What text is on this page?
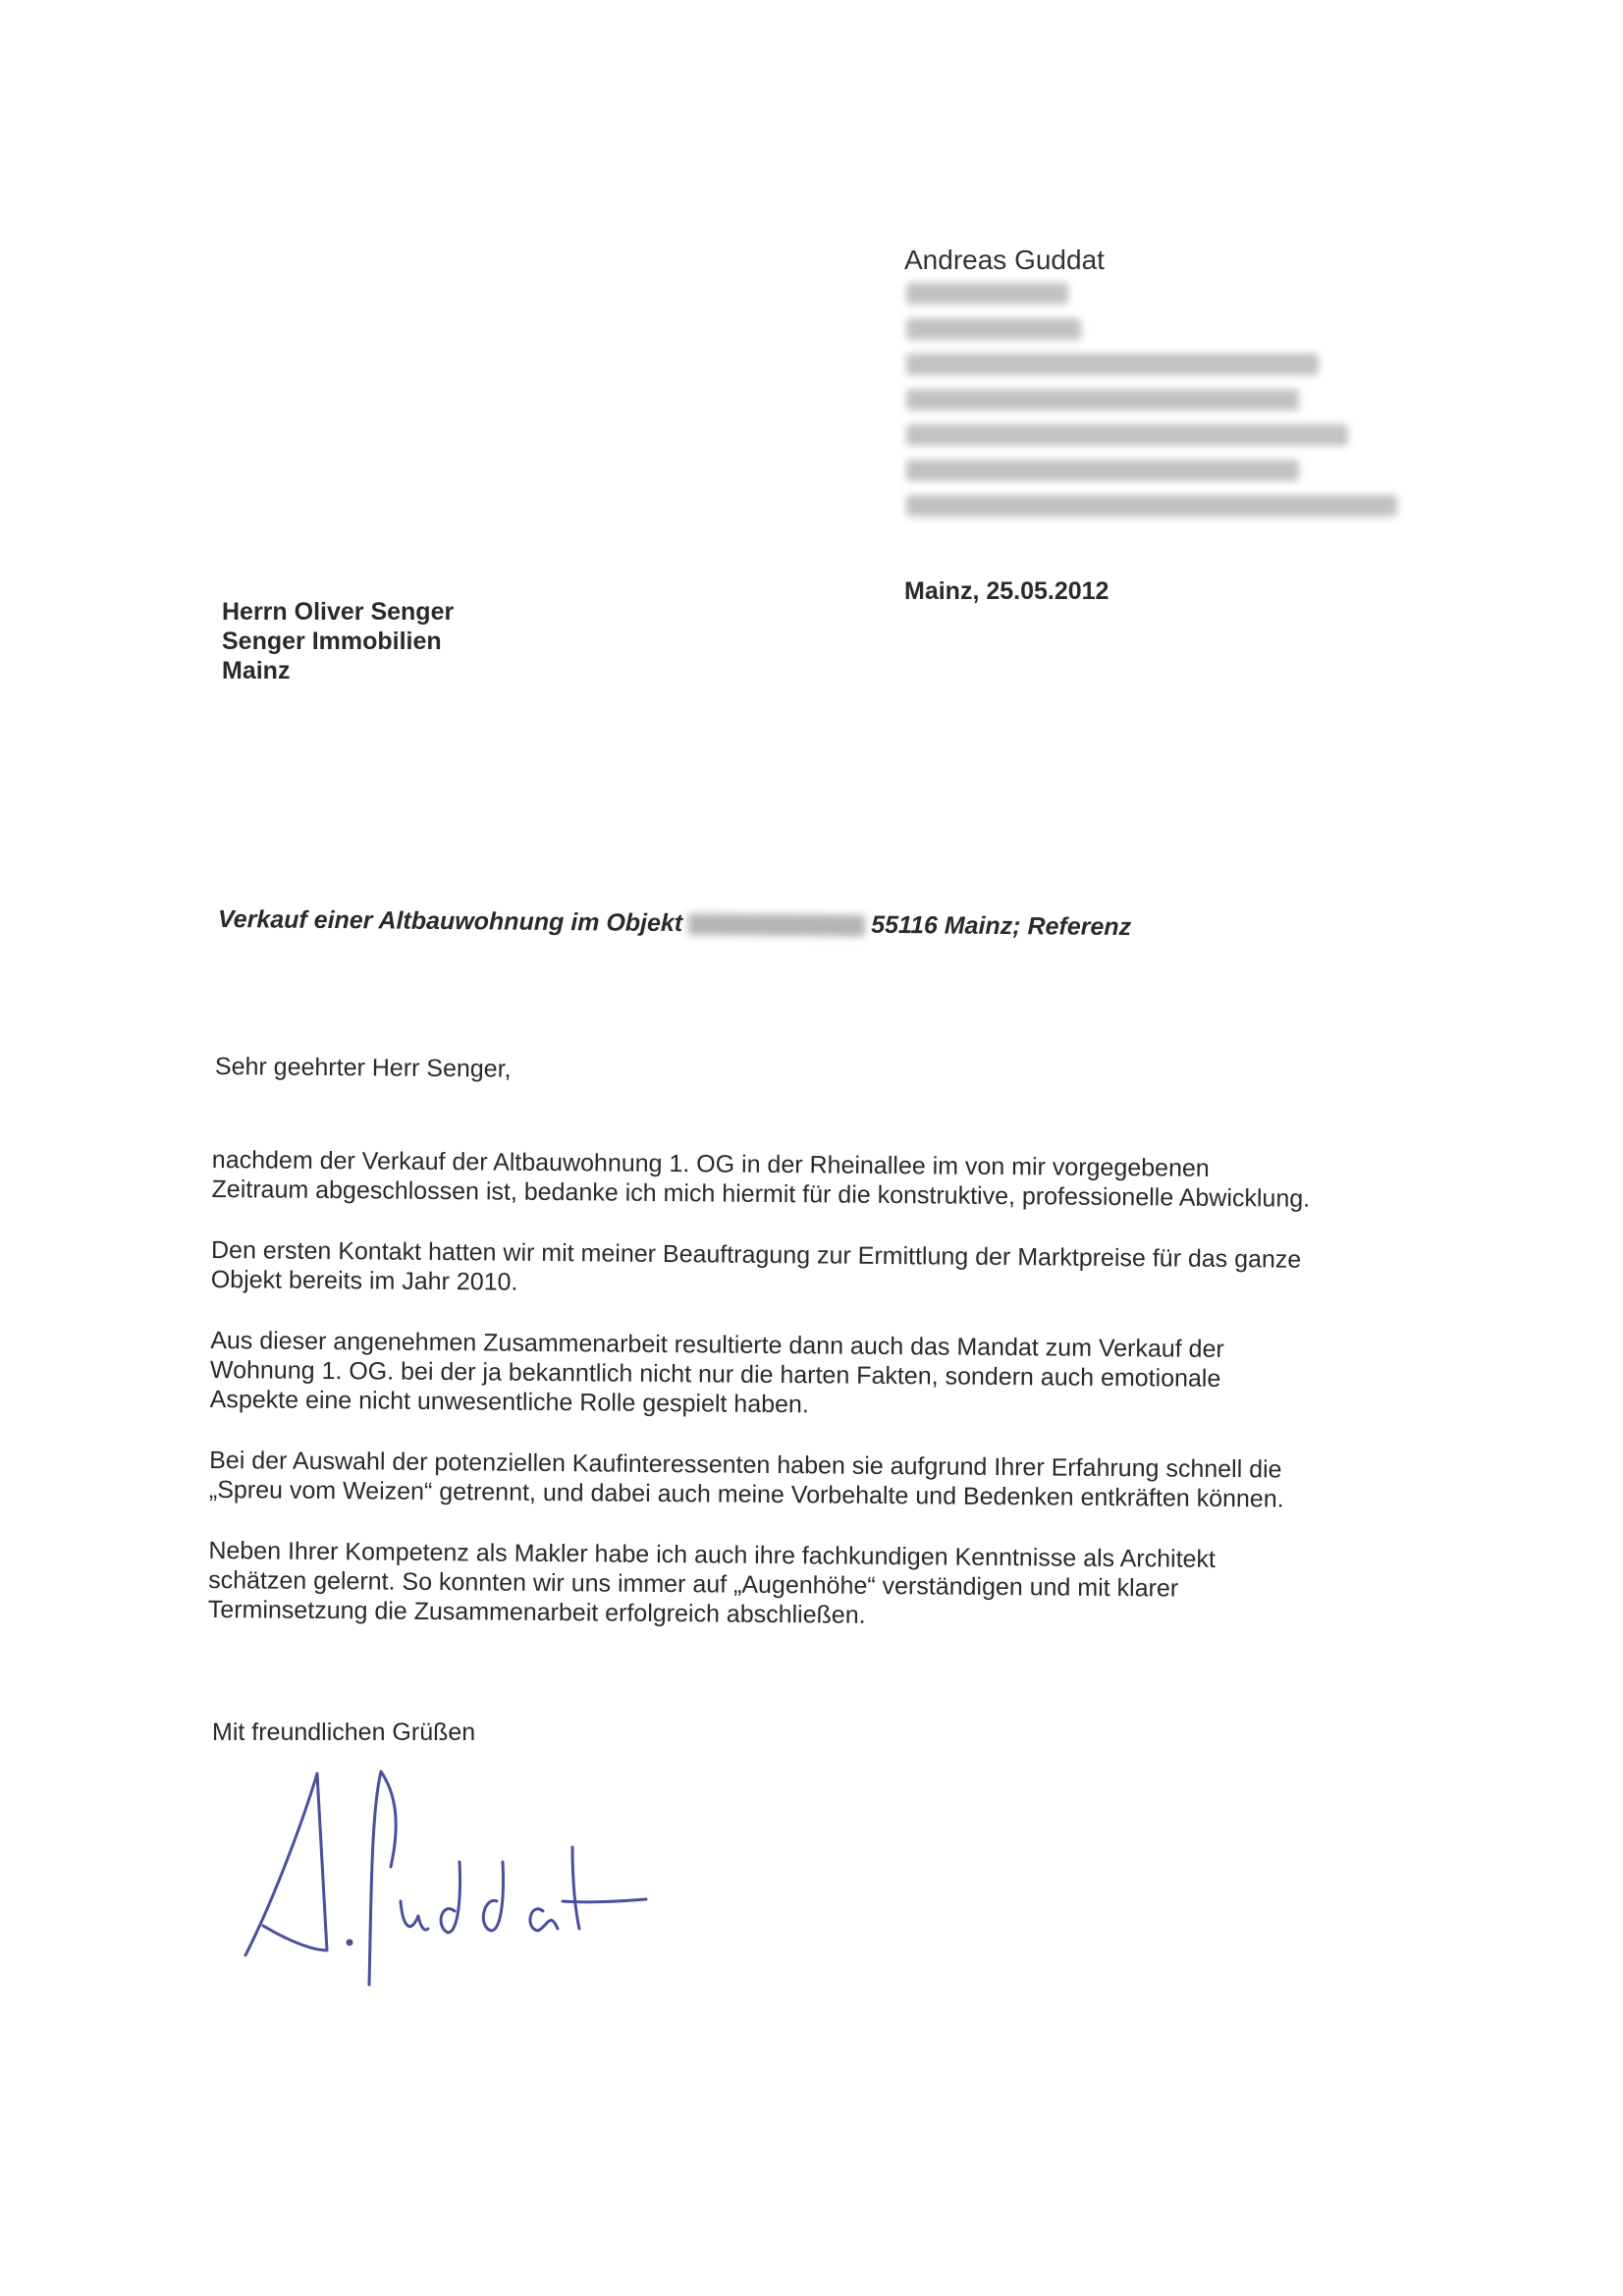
Andreas Guddat
Mainz, 25.05.2012
Herrn Oliver Senger
Senger Immobilien
Mainz
Verkauf einer Altbauwohnung im Objekt	55116 Mainz; Referenz
Sehr geehrter Herr Senger,

nachdem der Verkauf der Altbauwohnung 1. OG in der Rheinallee im von mir vorgegebenen
Zeitraum abgeschlossen ist, bedanke ich mich hiermit für die konstruktive, professionelle Abwicklung.

Den ersten Kontakt hatten wir mit meiner Beauftragung zur Ermittlung der Marktpreise für das ganze
Objekt bereits im Jahr 2010.

Aus dieser angenehmen Zusammenarbeit resultierte dann auch das Mandat zum Verkauf der
Wohnung 1. OG. bei der ja bekanntlich nicht nur die harten Fakten, sondern auch emotionale
Aspekte eine nicht unwesentliche Rolle gespielt haben.

Bei der Auswahl der potenziellen Kaufinteressenten haben sie aufgrund Ihrer Erfahrung schnell die
„Spreu vom Weizen“ getrennt, und dabei auch meine Vorbehalte und Bedenken entkräften können.

Neben Ihrer Kompetenz als Makler habe ich auch ihre fachkundigen Kenntnisse als Architekt
schätzen gelernt. So konnten wir uns immer auf „Augenhöhe“ verständigen und mit klarer
Terminsetzung die Zusammenarbeit erfolgreich abschließen.

Mit freundlichen Grüßen
